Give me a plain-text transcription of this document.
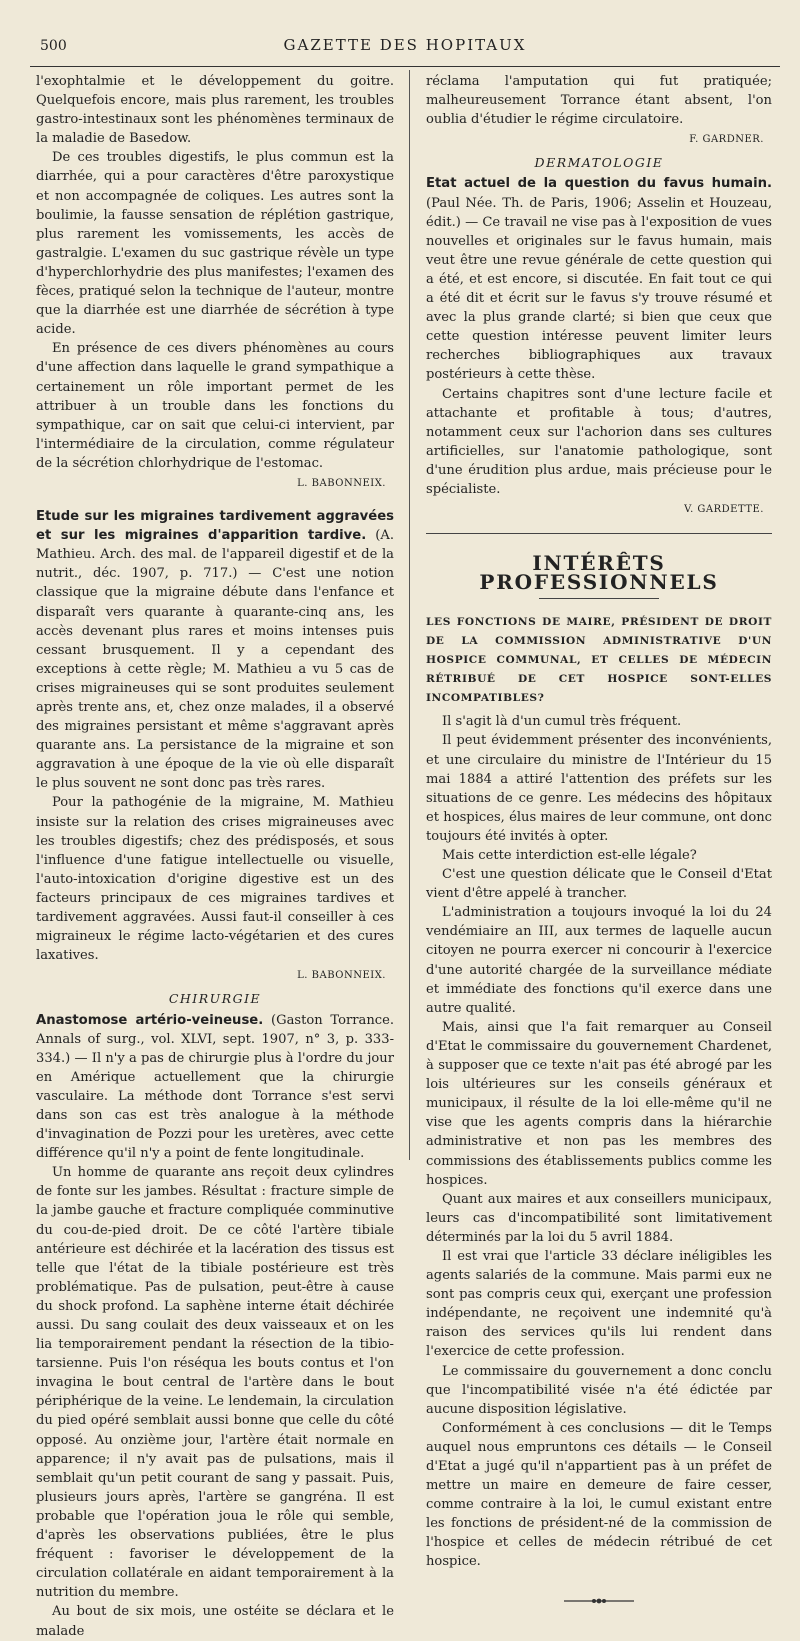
500	GAZETTE DES HOPITAUX

l'exophtalmie et le développement du goitre. Quelquefois encore, mais plus rarement, les troubles gastro-intestinaux sont les phénomènes terminaux de la maladie de Basedow.

De ces troubles digestifs, le plus commun est la diarrhée, qui a pour caractères d'être paroxystique et non accompagnée de coliques. Les autres sont la boulimie, la fausse sensation de réplétion gastrique, plus rarement les vomissements, les accès de gastralgie. L'examen du suc gastrique révèle un type d'hyperchlorhydrie des plus manifestes; l'examen des fèces, pratiqué selon la technique de l'auteur, montre que la diarrhée est une diarrhée de sécrétion à type acide.

En présence de ces divers phénomènes au cours d'une affection dans laquelle le grand sympathique a certainement un rôle important permet de les attribuer à un trouble dans les fonctions du sympathique, car on sait que celui-ci intervient, par l'intermédiaire de la circulation, comme régulateur de la sécrétion chlorhydrique de l'estomac.

L. BABONNEIX.

Etude sur les migraines tardivement aggravées et sur les migraines d'apparition tardive. (A. Mathieu. Arch. des mal. de l'appareil digestif et de la nutrit., déc. 1907, p. 717.) — C'est une notion classique que la migraine débute dans l'enfance et disparaît vers quarante à quarante-cinq ans, les accès devenant plus rares et moins intenses puis cessant brusquement. Il y a cependant des exceptions à cette règle; M. Mathieu a vu 5 cas de crises migraineuses qui se sont produites seulement après trente ans, et, chez onze malades, il a observé des migraines persistant et même s'aggravant après quarante ans. La persistance de la migraine et son aggravation à une époque de la vie où elle disparaît le plus souvent ne sont donc pas très rares.

Pour la pathogénie de la migraine, M. Mathieu insiste sur la relation des crises migraineuses avec les troubles digestifs; chez des prédisposés, et sous l'influence d'une fatigue intellectuelle ou visuelle, l'auto-intoxication d'origine digestive est un des facteurs principaux de ces migraines tardives et tardivement aggravées. Aussi faut-il conseiller à ces migraineux le régime lacto-végétarien et des cures laxatives.

L. BABONNEIX.
CHIRURGIE

Anastomose artério-veineuse. (Gaston Torrance. Annals of surg., vol. XLVI, sept. 1907, n° 3, p. 333-334.) — Il n'y a pas de chirurgie plus à l'ordre du jour en Amérique actuellement que la chirurgie vasculaire. La méthode dont Torrance s'est servi dans son cas est très analogue à la méthode d'invagination de Pozzi pour les uretères, avec cette différence qu'il n'y a point de fente longitudinale.

Un homme de quarante ans reçoit deux cylindres de fonte sur les jambes. Résultat : fracture simple de la jambe gauche et fracture compliquée comminutive du cou-de-pied droit. De ce côté l'artère tibiale antérieure est déchirée et la lacération des tissus est telle que l'état de la tibiale postérieure est très problématique. Pas de pulsation, peut-être à cause du shock profond. La saphène interne était déchirée aussi. Du sang coulait des deux vaisseaux et on les lia temporairement pendant la résection de la tibio-tarsienne. Puis l'on réséqua les bouts contus et l'on invagina le bout central de l'artère dans le bout périphérique de la veine. Le lendemain, la circulation du pied opéré semblait aussi bonne que celle du côté opposé. Au onzième jour, l'artère était normale en apparence; il n'y avait pas de pulsations, mais il semblait qu'un petit courant de sang y passait. Puis, plusieurs jours après, l'artère se gangréna. Il est probable que l'opération joua le rôle qui semble, d'après les observations publiées, être le plus fréquent : favoriser le développement de la circulation collatérale en aidant temporairement à la nutrition du membre.

Au bout de six mois, une ostéite se déclara et le malade

réclama l'amputation qui fut pratiquée; malheureusement Torrance étant absent, l'on oublia d'étudier le régime circulatoire.

F. GARDNER.
DERMATOLOGIE

Etat actuel de la question du favus humain. (Paul Née. Th. de Paris, 1906; Asselin et Houzeau, édit.) — Ce travail ne vise pas à l'exposition de vues nouvelles et originales sur le favus humain, mais veut être une revue générale de cette question qui a été, et est encore, si discutée. En fait tout ce qui a été dit et écrit sur le favus s'y trouve résumé et avec la plus grande clarté; si bien que ceux que cette question intéresse peuvent limiter leurs recherches bibliographiques aux travaux postérieurs à cette thèse.

Certains chapitres sont d'une lecture facile et attachante et profitable à tous; d'autres, notamment ceux sur l'achorion dans ses cultures artificielles, sur l'anatomie pathologique, sont d'une érudition plus ardue, mais précieuse pour le spécialiste.

V. GARDETTE.
INTÉRÊTS PROFESSIONNELS
LES FONCTIONS DE MAIRE, PRÉSIDENT DE DROIT DE LA COMMISSION ADMINISTRATIVE D'UN HOSPICE COMMUNAL, ET CELLES DE MÉDECIN RÉTRIBUÉ DE CET HOSPICE SONT-ELLES INCOMPATIBLES?

Il s'agit là d'un cumul très fréquent.

Il peut évidemment présenter des inconvénients, et une circulaire du ministre de l'Intérieur du 15 mai 1884 a attiré l'attention des préfets sur les situations de ce genre. Les médecins des hôpitaux et hospices, élus maires de leur commune, ont donc toujours été invités à opter.

Mais cette interdiction est-elle légale?

C'est une question délicate que le Conseil d'Etat vient d'être appelé à trancher.

L'administration a toujours invoqué la loi du 24 vendémiaire an III, aux termes de laquelle aucun citoyen ne pourra exercer ni concourir à l'exercice d'une autorité chargée de la surveillance médiate et immédiate des fonctions qu'il exerce dans une autre qualité.

Mais, ainsi que l'a fait remarquer au Conseil d'Etat le commissaire du gouvernement Chardenet, à supposer que ce texte n'ait pas été abrogé par les lois ultérieures sur les conseils généraux et municipaux, il résulte de la loi elle-même qu'il ne vise que les agents compris dans la hiérarchie administrative et non pas les membres des commissions des établissements publics comme les hospices.

Quant aux maires et aux conseillers municipaux, leurs cas d'incompatibilité sont limitativement déterminés par la loi du 5 avril 1884.

Il est vrai que l'article 33 déclare inéligibles les agents salariés de la commune. Mais parmi eux ne sont pas compris ceux qui, exerçant une profession indépendante, ne reçoivent une indemnité qu'à raison des services qu'ils lui rendent dans l'exercice de cette profession.

Le commissaire du gouvernement a donc conclu que l'incompatibilité visée n'a été édictée par aucune disposition législative.

Conformément à ces conclusions — dit le Temps auquel nous empruntons ces détails — le Conseil d'Etat a jugé qu'il n'appartient pas à un préfet de mettre un maire en demeure de faire cesser, comme contraire à la loi, le cumul existant entre les fonctions de président-né de la commission de l'hospice et celles de médecin rétribué de cet hospice.
